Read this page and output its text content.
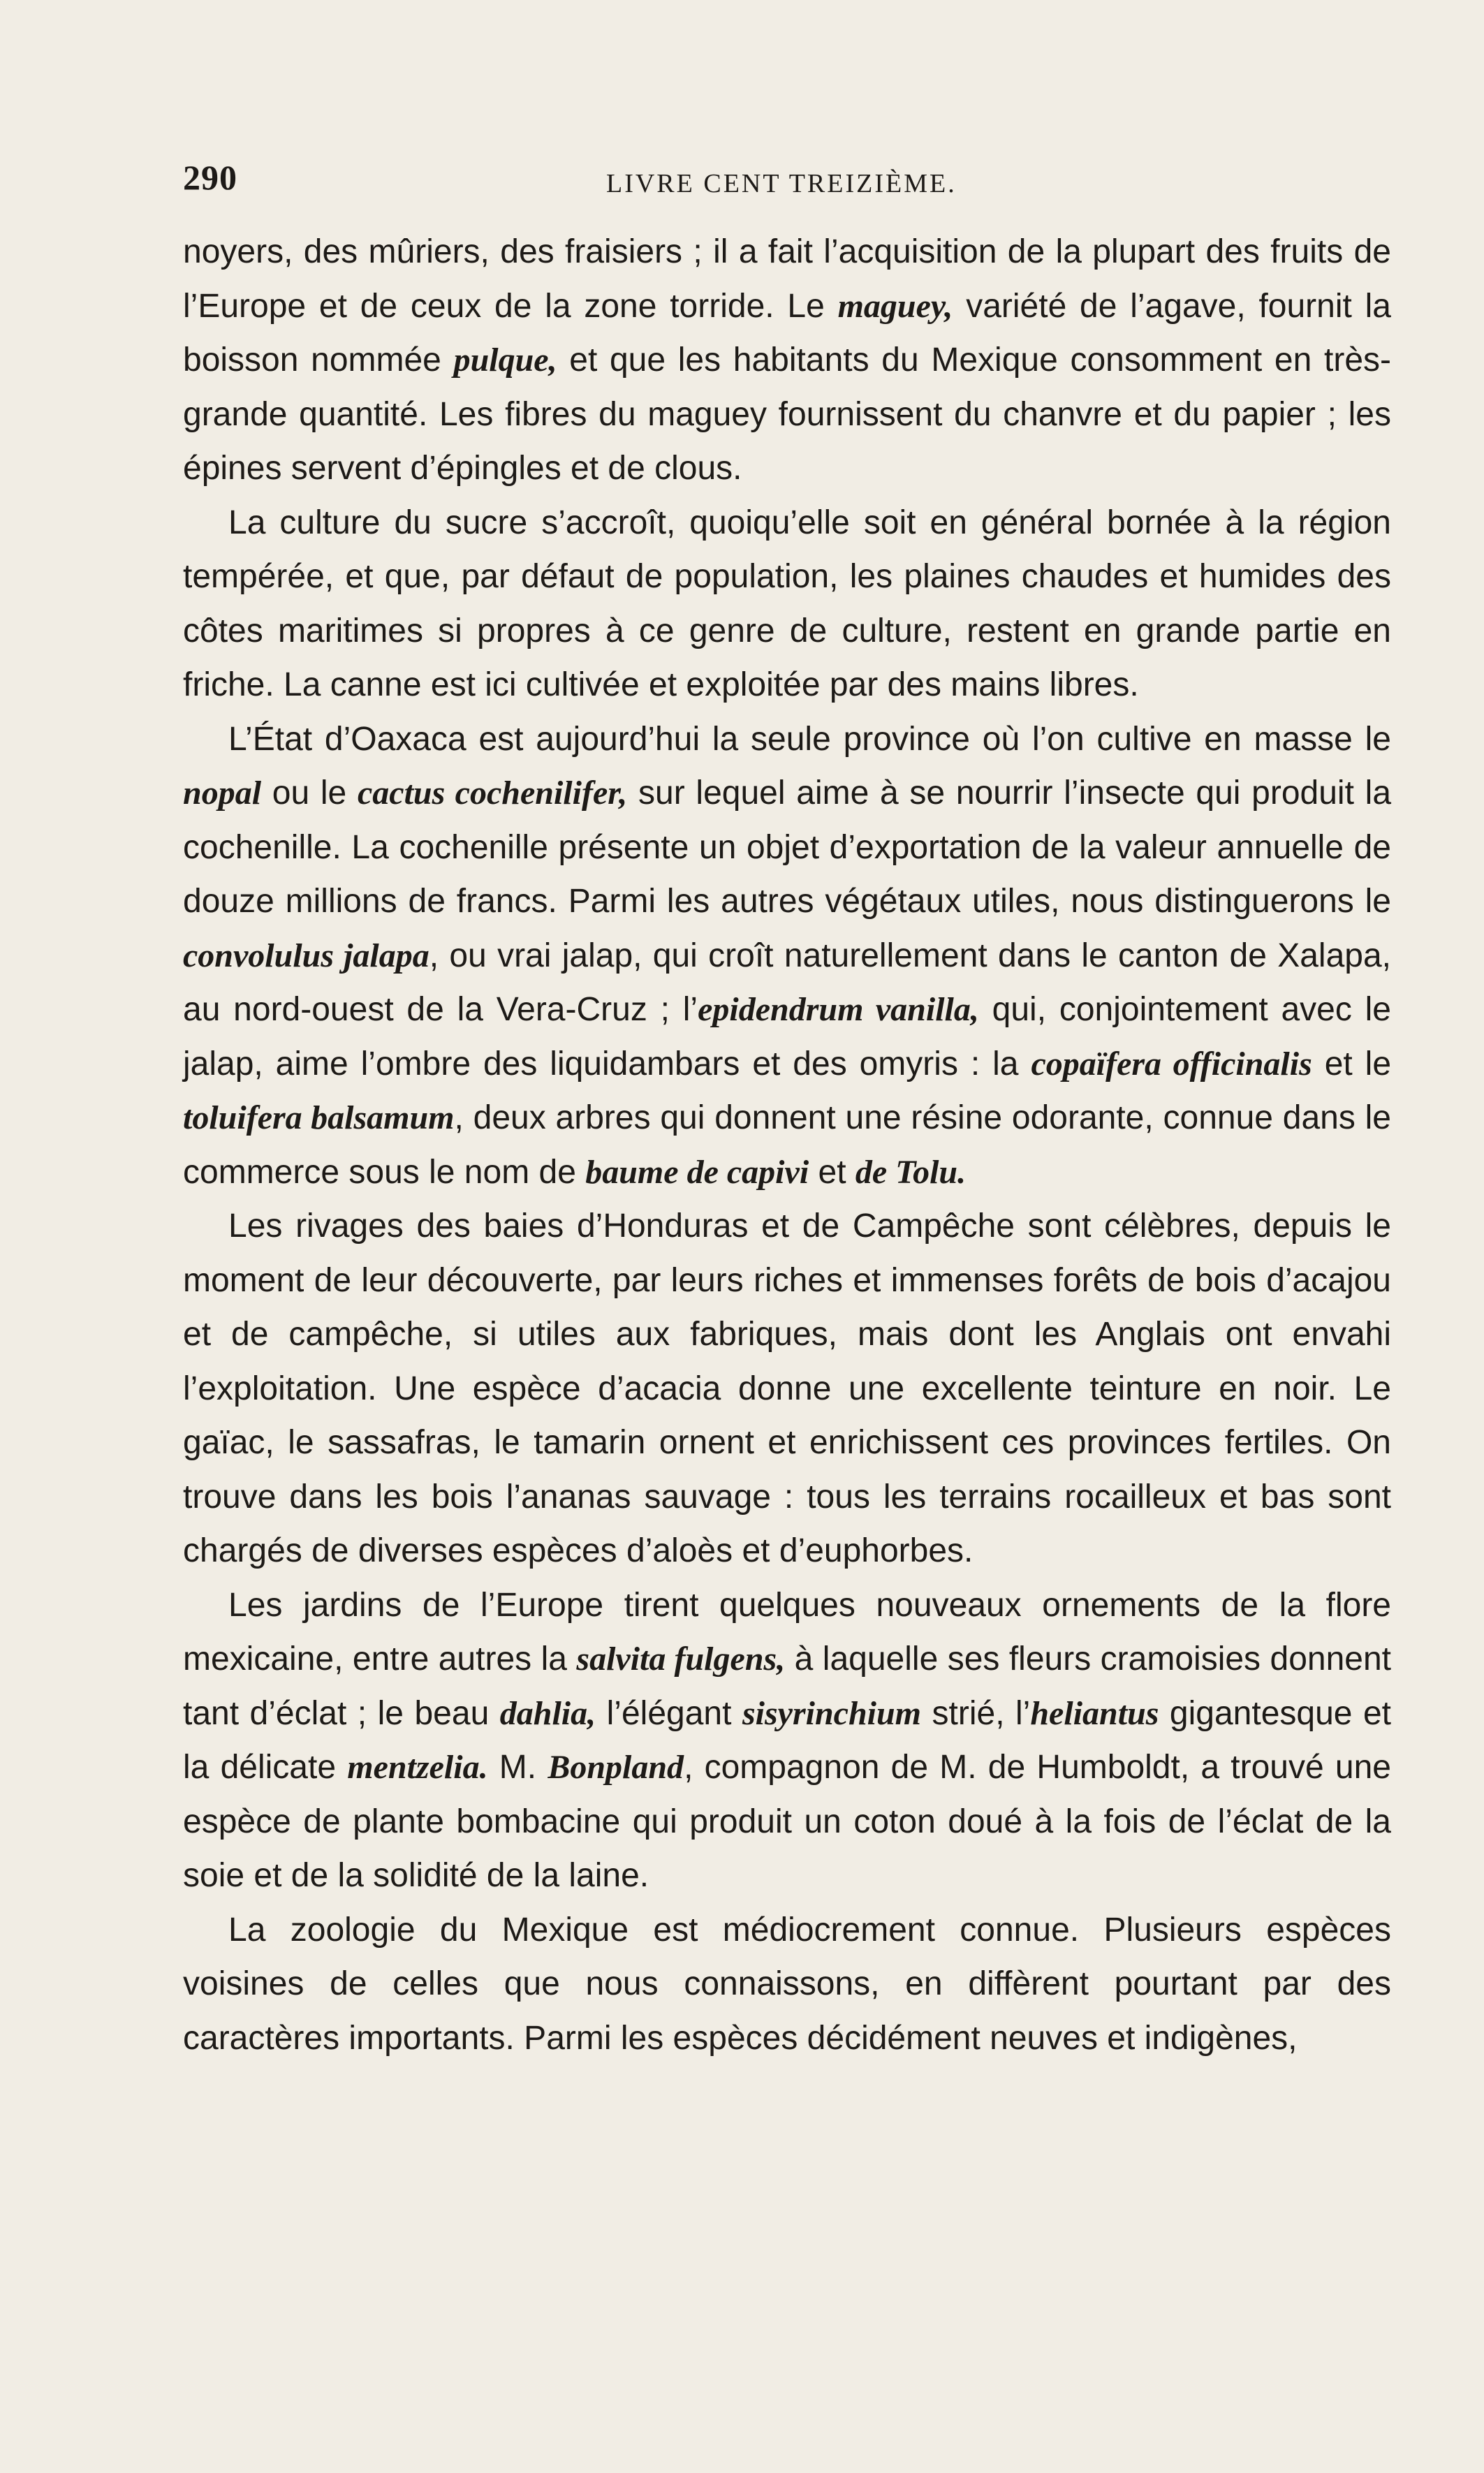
290	LIVRE CENT TREIZIÈME.

noyers, des mûriers, des fraisiers ; il a fait l’acquisition de la plupart des fruits de l’Europe et de ceux de la zone torride. Le maguey, variété de l’agave, fournit la boisson nommée pulque, et que les habitants du Mexique consomment en très-grande quantité. Les fibres du maguey fournissent du chanvre et du papier ; les épines servent d’épingles et de clous.

La culture du sucre s’accroît, quoiqu’elle soit en général bornée à la région tempérée, et que, par défaut de population, les plaines chaudes et humides des côtes maritimes si propres à ce genre de culture, restent en grande partie en friche. La canne est ici cultivée et exploitée par des mains libres.

L’État d’Oaxaca est aujourd’hui la seule province où l’on cultive en masse le nopal ou le cactus cochenilifer, sur lequel aime à se nourrir l’insecte qui produit la cochenille. La cochenille présente un objet d’exportation de la valeur annuelle de douze millions de francs. Parmi les autres végétaux utiles, nous distinguerons le convolulus jalapa, ou vrai jalap, qui croît naturellement dans le canton de Xalapa, au nord-ouest de la Vera-Cruz ; l’epidendrum vanilla, qui, conjointement avec le jalap, aime l’ombre des liquidambars et des omyris : la copaïfera officinalis et le toluifera balsamum, deux arbres qui donnent une résine odorante, connue dans le commerce sous le nom de baume de capivi et de Tolu.

Les rivages des baies d’Honduras et de Campêche sont célèbres, depuis le moment de leur découverte, par leurs riches et immenses forêts de bois d’acajou et de campêche, si utiles aux fabriques, mais dont les Anglais ont envahi l’exploitation. Une espèce d’acacia donne une excellente teinture en noir. Le gaïac, le sassafras, le tamarin ornent et enrichissent ces provinces fertiles. On trouve dans les bois l’ananas sauvage : tous les terrains rocailleux et bas sont chargés de diverses espèces d’aloès et d’euphorbes.

Les jardins de l’Europe tirent quelques nouveaux ornements de la flore mexicaine, entre autres la salvita fulgens, à laquelle ses fleurs cramoisies donnent tant d’éclat ; le beau dahlia, l’élégant sisyrinchium strié, l’heliantus gigantesque et la délicate mentzelia. M. Bonpland, compagnon de M. de Humboldt, a trouvé une espèce de plante bombacine qui produit un coton doué à la fois de l’éclat de la soie et de la solidité de la laine.

La zoologie du Mexique est médiocrement connue. Plusieurs espèces voisines de celles que nous connaissons, en diffèrent pourtant par des caractères importants. Parmi les espèces décidément neuves et indigènes,
